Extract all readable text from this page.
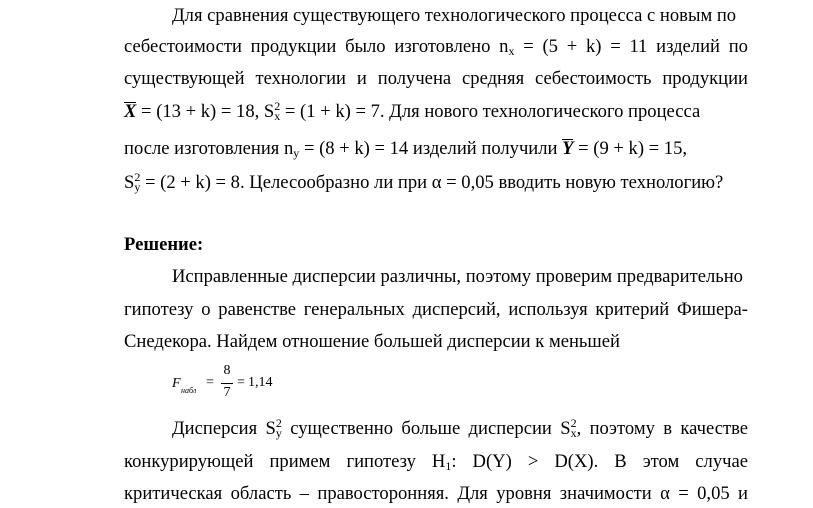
Для сравнения существующего технологического процесса с новым по
себестоимости продукции было изготовлено $n_x = (5 + k) = 11$ изделий по
существующей технологии и получена средняя себестоимость продукции
X = (13 + k) = 18, $S_x^2 = (1 + k) = 7$. Для нового технологического процесса
после изготовления $n_y = (8 + k) = 14$ изделий получили Y = (9 + k) = 15,
$S_y^2 = (2 + k) = 8$. Целесообразно ли при α = 0,05 вводить новую технологию?
Решение:
Исправленные дисперсии различны, поэтому проверим предварительно
гипотезу о равенстве генеральных дисперсий, используя критерий Фишера-
Снедекора. Найдем отношение большей дисперсии к меньшей
F набл
=
8
7
= 1,14
Дисперсия $S_y^2$ существенно больше дисперсии $S_x^2$, поэтому в качестве
конкурирующей примем гипотезу $H_1$: D(Y) > D(X). В этом случае
критическая область – правосторонняя. Для уровня значимости α = 0,05 и
